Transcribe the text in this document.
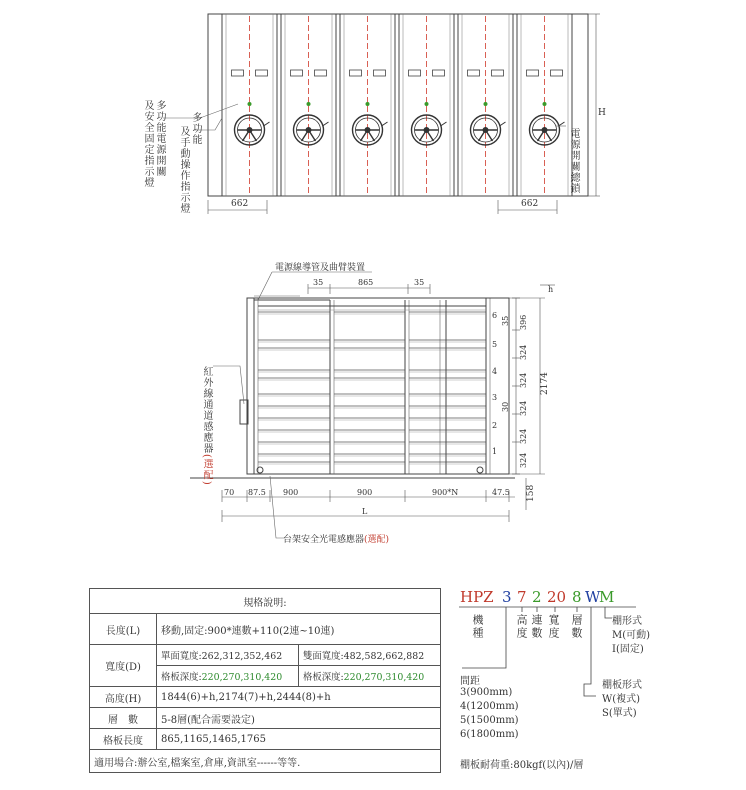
H
662	662
電源線導管及曲臂裝置
35	865	35
6
5
4
3
2
1
35
30
396
324
324
324
324
324
2174
h
158
70 87.5 900	900	900*N	47.5
L
台架安全光電感應器(選配)
及安全固定指示燈 多功能電源開關 及手動操作指示燈 多功能	電源開關總鎖
紅外線通道感應器(選配)
規格說明:		
長度(L)	移動,固定:900*連數+110(2連~10連)	
寬度(D)	單面寬度:262,312,352,462	雙面寬度:482,582,662,882
	格板深度:220,270,310,420	格板深度:220,270,310,420
高度(H)	1844(6)+h,2174(7)+h,2444(8)+h	
層　數	5-8層(配合需要設定)	
格板長度	865,1165,1465,1765	
適用場合:辦公室,檔案室,倉庫,資訊室------等等.		
HPZ 3 7 2 20 8 W
M
機種	高度 連數 寬度 層數
間距
3(900mm)
4(1200mm)
5(1500mm)
6(1800mm)
棚形式
M(可動)
I(固定)
棚板形式
W(複式)
S(單式)
棚板耐荷重:80kgf(以內)/層
